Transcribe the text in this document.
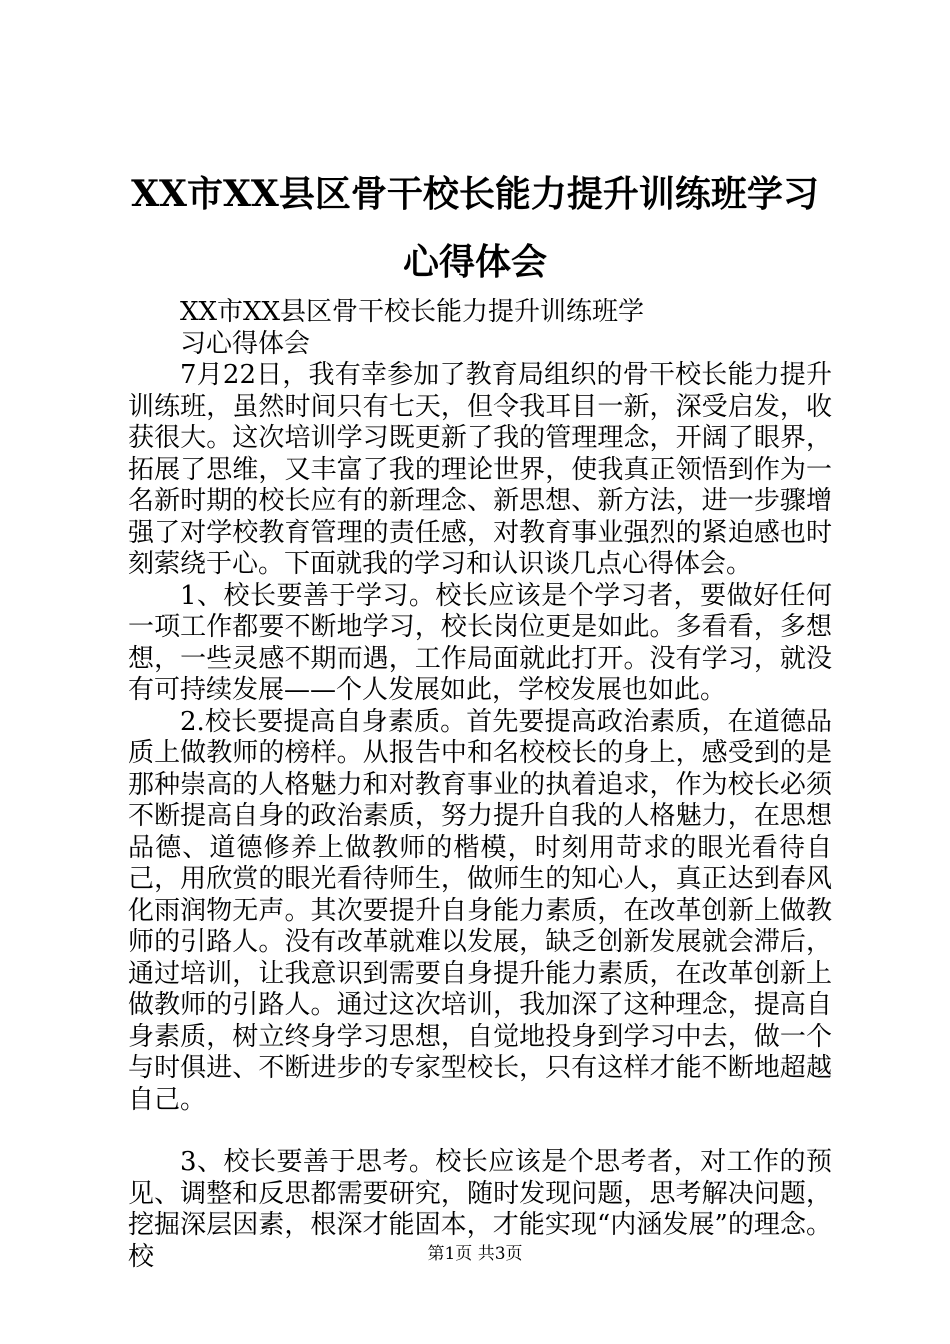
XX市XX县区骨干校长能力提升训练班学习心得体会

XX市XX县区骨干校长能力提升训练班学习心得体会

7月22日，我有幸参加了教育局组织的骨干校长能力提升训练班，虽然时间只有七天，但令我耳目一新，深受启发，收获很大。这次培训学习既更新了我的管理理念，开阔了眼界，拓展了思维，又丰富了我的理论世界，使我真正领悟到作为一名新时期的校长应有的新理念、新思想、新方法，进一步骤增强了对学校教育管理的责任感，对教育事业强烈的紧迫感也时刻萦绕于心。下面就我的学习和认识谈几点心得体会。

1、校长要善于学习。校长应该是个学习者，要做好任何一项工作都要不断地学习，校长岗位更是如此。多看看，多想想，一些灵感不期而遇，工作局面就此打开。没有学习，就没有可持续发展——个人发展如此，学校发展也如此。

2.校长要提高自身素质。首先要提高政治素质，在道德品质上做教师的榜样。从报告中和名校校长的身上，感受到的是那种崇高的人格魅力和对教育事业的执着追求，作为校长必须不断提高自身的政治素质，努力提升自我的人格魅力，在思想品德、道德修养上做教师的楷模，时刻用苛求的眼光看待自己，用欣赏的眼光看待师生，做师生的知心人，真正达到春风化雨润物无声。其次要提升自身能力素质，在改革创新上做教师的引路人。没有改革就难以发展，缺乏创新发展就会滞后，通过培训，让我意识到需要自身提升能力素质，在改革创新上做教师的引路人。通过这次培训，我加深了这种理念，提高自身素质，树立终身学习思想，自觉地投身到学习中去，做一个与时俱进、不断进步的专家型校长，只有这样才能不断地超越自己。

3、校长要善于思考。校长应该是个思考者，对工作的预见、调整和反思都需要研究，随时发现问题，思考解决问题，挖掘深层因素，根深才能固本，才能实现“内涵发展”的理念。校	第1页 共3页
